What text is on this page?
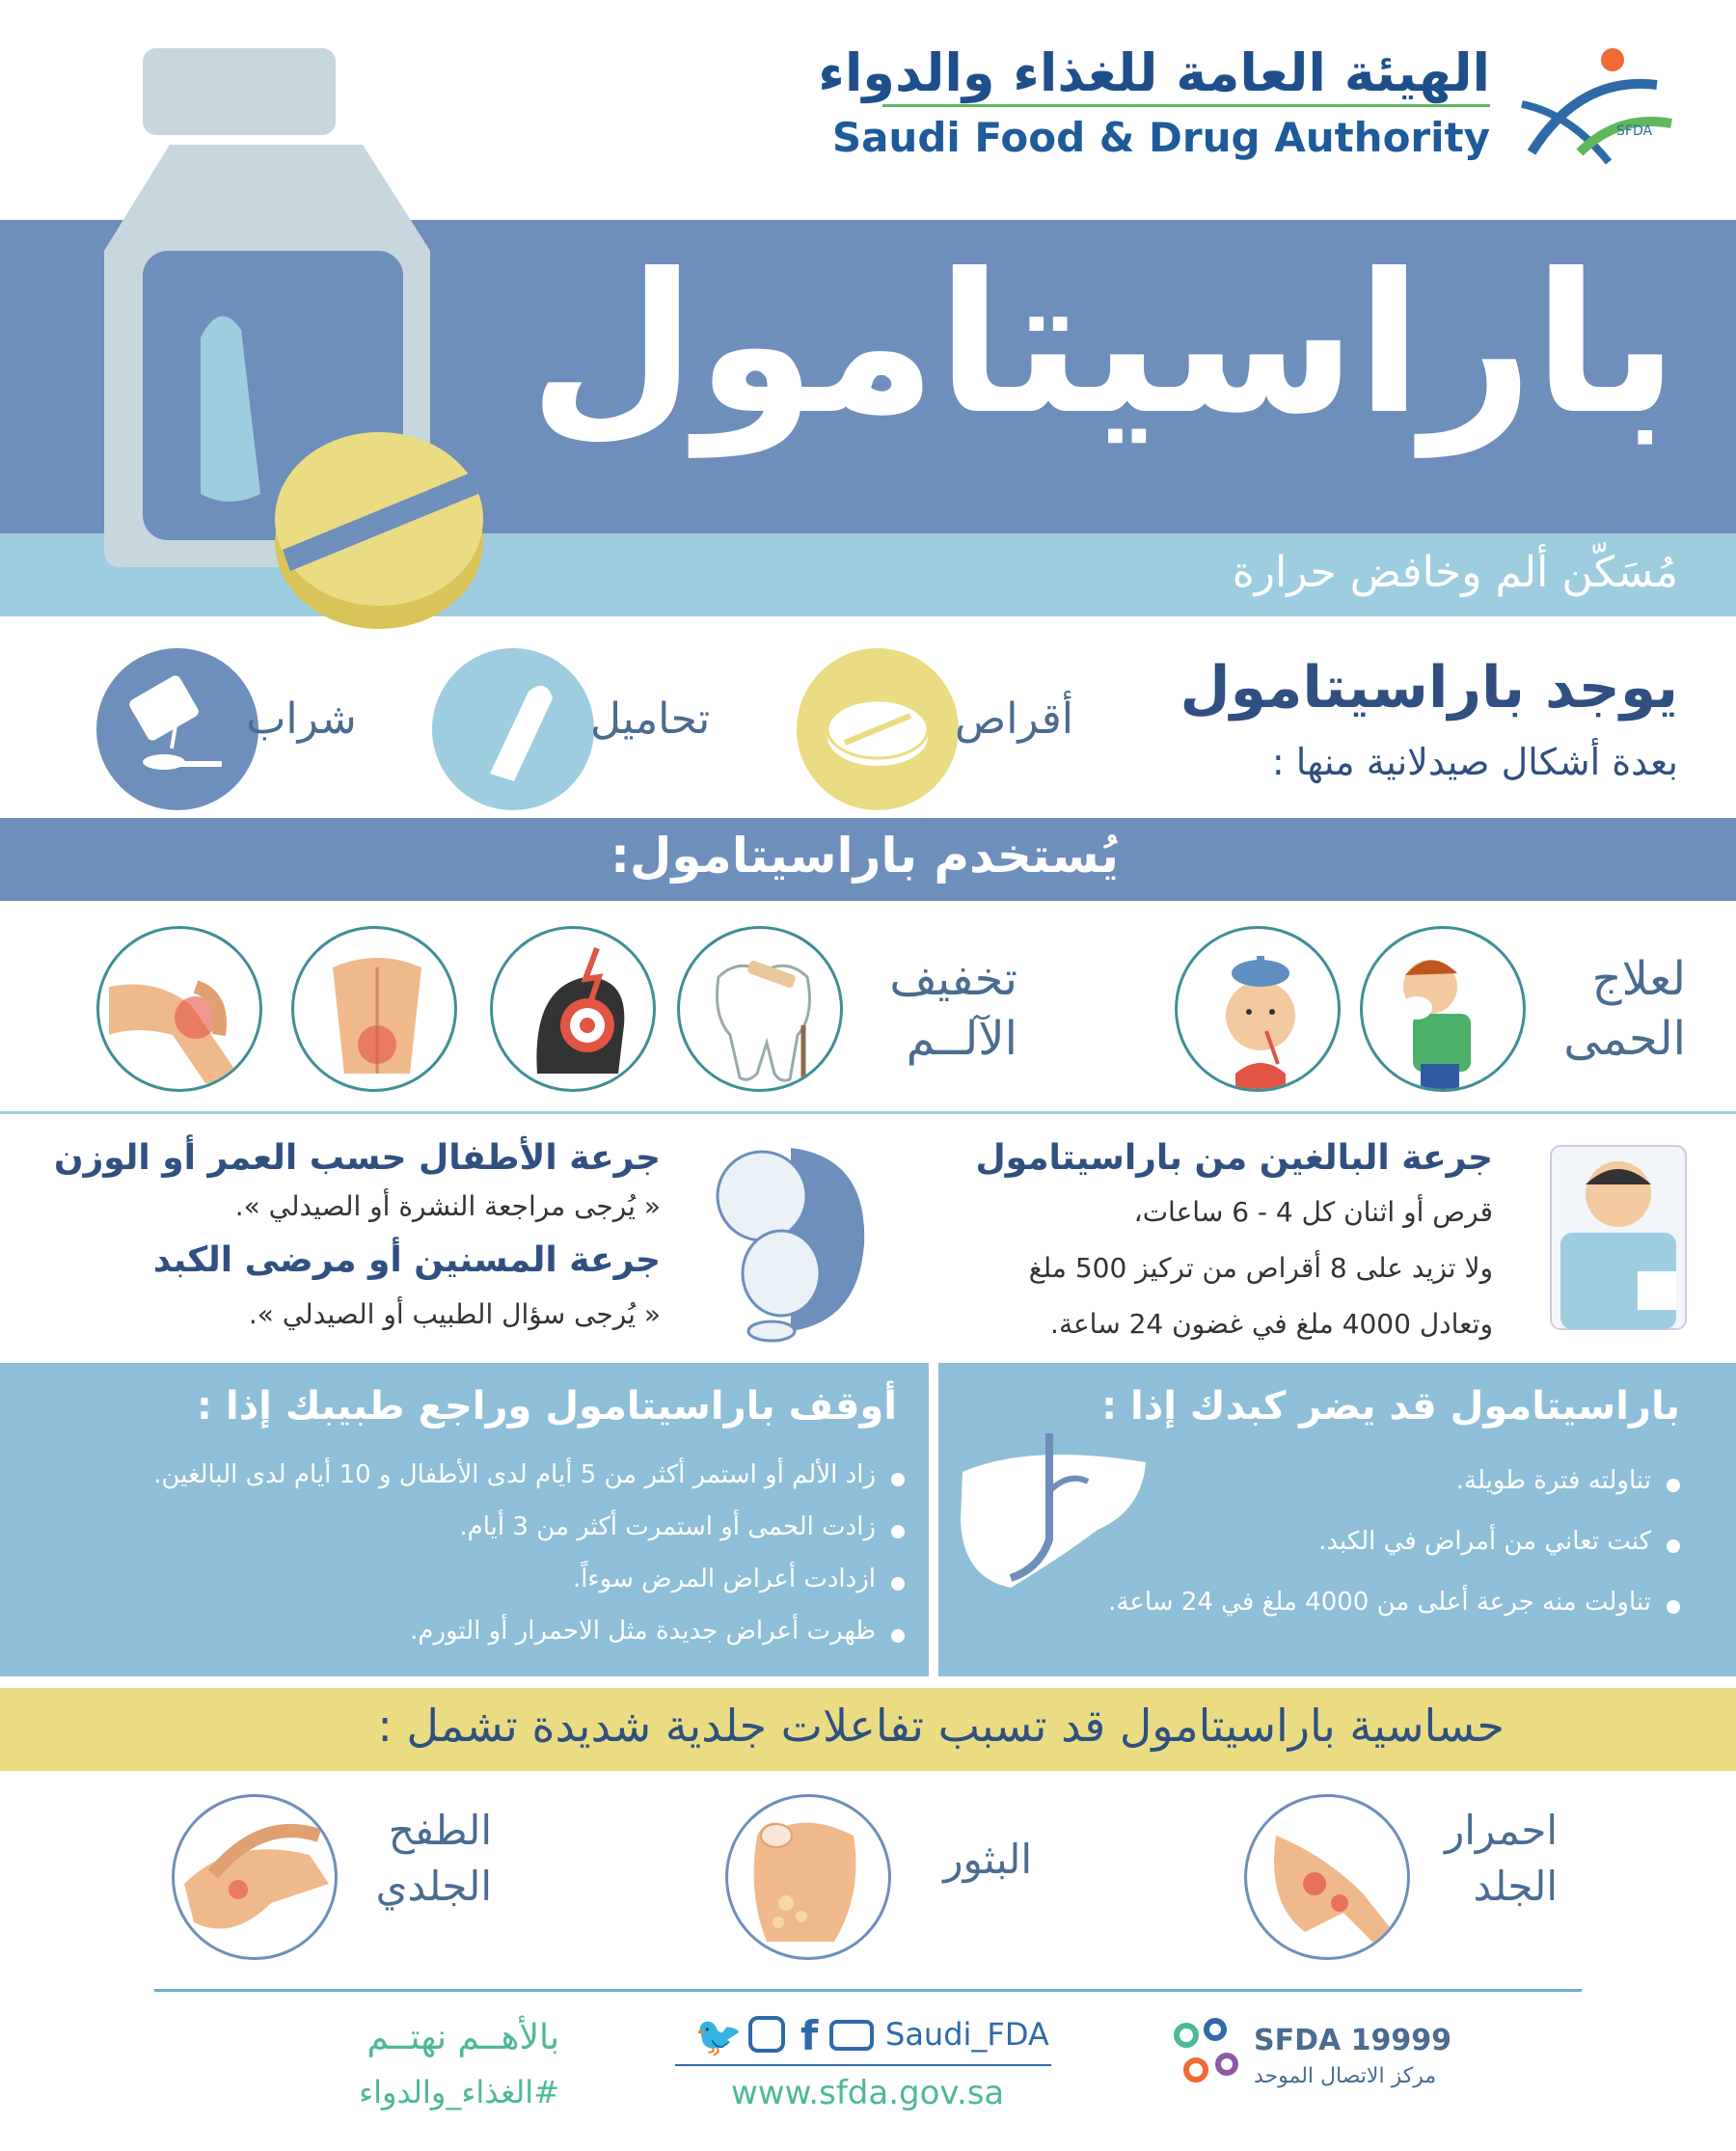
SFDA
الهيئة العامة للغذاء والدواء
Saudi Food & Drug Authority
باراسيتامول
مُسَكّن ألم وخافض حرارة
يوجد باراسيتامول
بعدة أشكال صيدلانية منها :
أقراص
تحاميل
شراب
يُستخدم باراسيتامول:
لعلاج
الحمى
تخفيف
الآلــم
جرعة البالغين من باراسيتامول
قرص أو اثنان كل 4 - 6 ساعات،
ولا تزيد على 8 أقراص من تركيز 500 ملغ
وتعادل 4000 ملغ في غضون 24 ساعة.
جرعة الأطفال حسب العمر أو الوزن
« يُرجى مراجعة النشرة أو الصيدلي ».
جرعة المسنين أو مرضى الكبد
« يُرجى سؤال الطبيب أو الصيدلي ».
باراسيتامول قد يضر كبدك إذا :
تناولته فترة طويلة.
كنت تعاني من أمراض في الكبد.
تناولت منه جرعة أعلى من 4000 ملغ في 24 ساعة.
أوقف باراسيتامول وراجع طبيبك إذا :
زاد الألم أو استمر أكثر من 5 أيام لدى الأطفال و 10 أيام لدى البالغين.
زادت الحمى أو استمرت أكثر من 3 أيام.
ازدادت أعراض المرض سوءاً.
ظهرت أعراض جديدة مثل الاحمرار أو التورم.
حساسية باراسيتامول قد تسبب تفاعلات جلدية شديدة تشمل :
احمرار
الجلد
البثور
الطفح
الجلدي
بالأهــم نهتــم
#الغذاء_والدواء
🐦 f Saudi_FDA
www.sfda.gov.sa
SFDA 19999
مركز الاتصال الموحد
